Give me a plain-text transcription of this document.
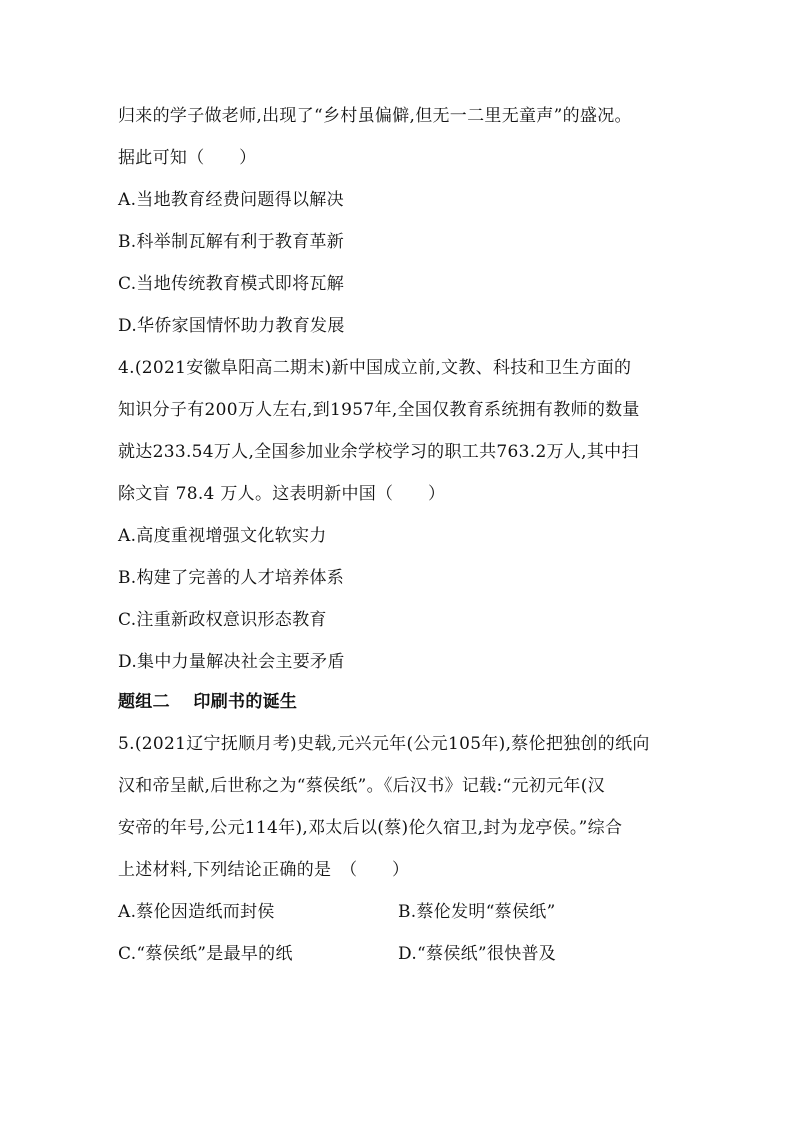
归来的学子做老师,出现了“乡村虽偏僻,但无一二里无童声”的盛况。
据此可知（　　）
A.当地教育经费问题得以解决
B.科举制瓦解有利于教育革新
C.当地传统教育模式即将瓦解
D.华侨家国情怀助力教育发展
4.(2021安徽阜阳高二期末)新中国成立前,文教、科技和卫生方面的
知识分子有200万人左右,到1957年,全国仅教育系统拥有教师的数量
就达233.54万人,全国参加业余学校学习的职工共763.2万人,其中扫
除文盲 78.4 万人。这表明新中国（　　）
A.高度重视增强文化软实力
B.构建了完善的人才培养体系
C.注重新政权意识形态教育
D.集中力量解决社会主要矛盾
题组二　 印刷书的诞生
5.(2021辽宁抚顺月考)史载,元兴元年(公元105年),蔡伦把独创的纸向
汉和帝呈献,后世称之为“蔡侯纸”。《后汉书》记载:“元初元年(汉
安帝的年号,公元114年),邓太后以(蔡)伦久宿卫,封为龙亭侯。”综合
上述材料,下列结论正确的是　（　　）
A.蔡伦因造纸而封侯	B.蔡伦发明“蔡侯纸”
C.“蔡侯纸”是最早的纸	D.“蔡侯纸”很快普及
